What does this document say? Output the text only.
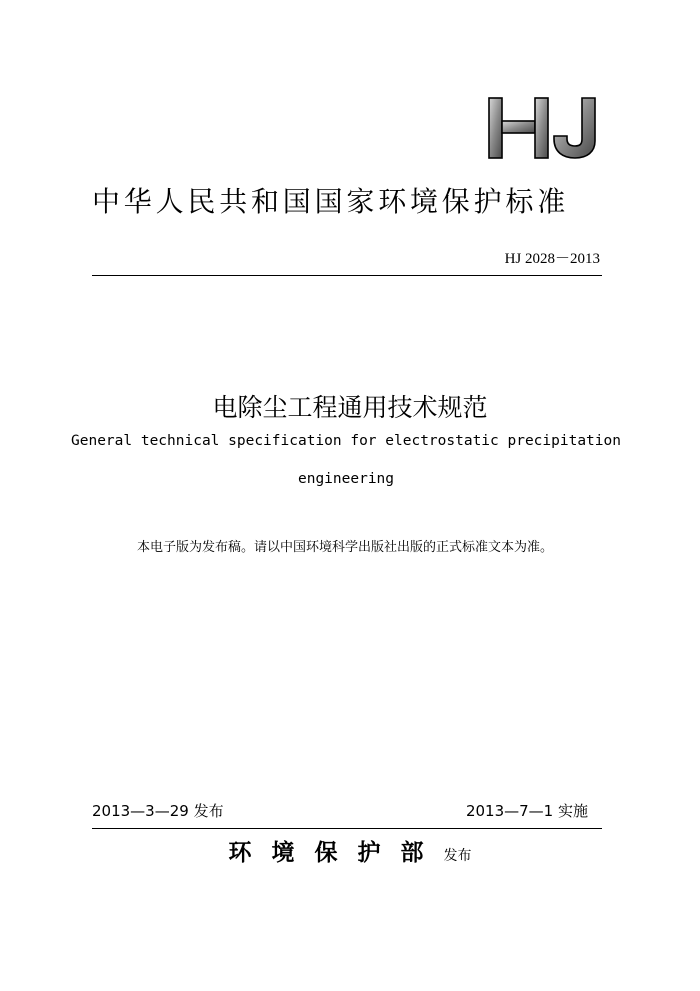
中华人民共和国国家环境保护标准
HJ 2028－2013
电除尘工程通用技术规范
General technical specification for electrostatic precipitation
engineering
本电子版为发布稿。请以中国环境科学出版社出版的正式标准文本为准。
2013—3—29 发布	2013—7—1 实施
环境保护部发布
